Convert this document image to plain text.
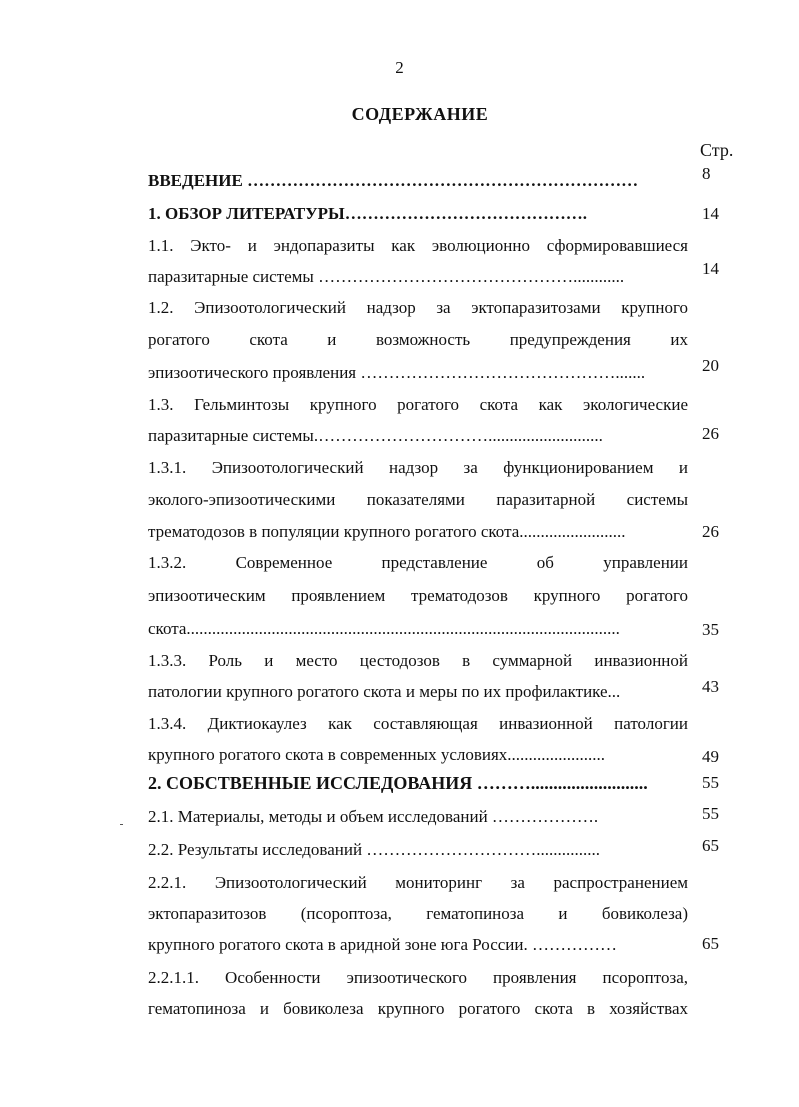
2
СОДЕРЖАНИЕ
Стр.
ВВЕДЕНИЕ ……………………………………………………………	8
1. ОБЗОР ЛИТЕРАТУРЫ…………………………………….	14
1.1. Экто- и эндопаразиты как эволюционно сформировавшиеся
паразитарные системы ………………………………………............	14
1.2. Эпизоотологический надзор за эктопаразитозами крупного
рогатого скота и возможность предупреждения их
эпизоотического проявления ……………………………………….......	20
1.3. Гельминтозы крупного рогатого скота как экологические
паразитарные системы.…………………………...........................	26
1.3.1. Эпизоотологический надзор за функционированием и
эколого-эпизоотическими показателями паразитарной системы
трематодозов в популяции крупного рогатого скота.........................	26
1.3.2. Современное представление об управлении
эпизоотическим проявлением трематодозов крупного рогатого
скота......................................................................................................	35
1.3.3. Роль и место цестодозов в суммарной инвазионной
патологии крупного рогатого скота и меры по их профилактике...	43
1.3.4. Диктиокаулез как составляющая инвазионной патологии
крупного рогатого скота в современных условиях.......................	49
2. СОБСТВЕННЫЕ ИССЛЕДОВАНИЯ ………..........................	55
2.1. Материалы, методы и объем исследований ……………….	55
2.2. Результаты исследований …………………………...............	65
2.2.1. Эпизоотологический мониторинг за распространением
эктопаразитозов (псороптоза, гематопиноза и бовиколеза)
крупного рогатого скота в аридной зоне юга России. ……………	65
2.2.1.1. Особенности эпизоотического проявления псороптоза,
гематопиноза и бовиколеза крупного рогатого скота в хозяйствах
